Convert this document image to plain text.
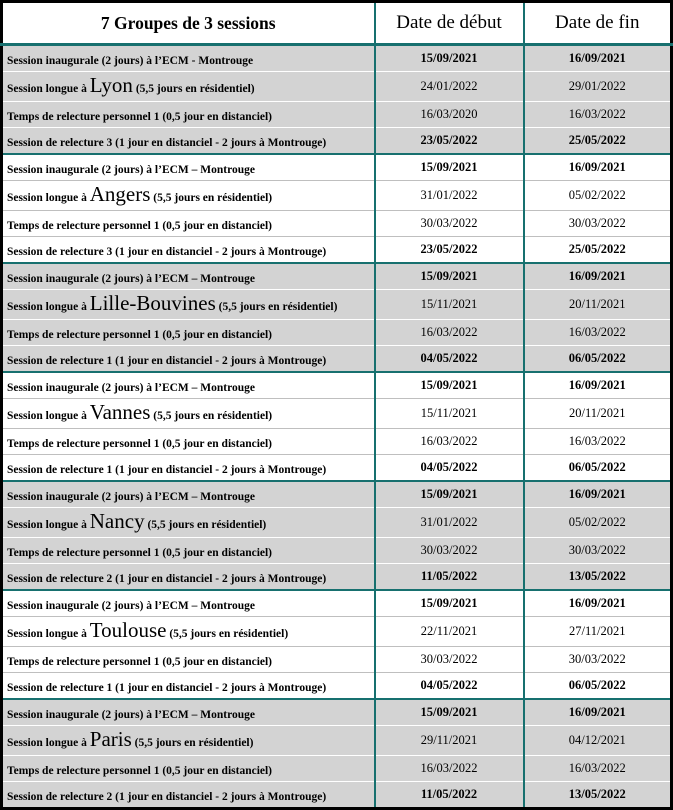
7 Groupes de 3 sessions	Date de début	Date de fin
Session inaugurale (2 jours) à l’ECM - Montrouge	15/09/2021	16/09/2021
Session longue à Lyon (5,5 jours en résidentiel)	24/01/2022	29/01/2022
Temps de relecture personnel 1 (0,5 jour en distanciel)	16/03/2020	16/03/2022
Session de relecture 3 (1 jour en distanciel - 2 jours à Montrouge)	23/05/2022	25/05/2022
Session inaugurale (2 jours) à l’ECM – Montrouge	15/09/2021	16/09/2021
Session longue à Angers (5,5 jours en résidentiel)	31/01/2022	05/02/2022
Temps de relecture personnel 1 (0,5 jour en distanciel)	30/03/2022	30/03/2022
Session de relecture 3 (1 jour en distanciel - 2 jours à Montrouge)	23/05/2022	25/05/2022
Session inaugurale (2 jours) à l’ECM – Montrouge	15/09/2021	16/09/2021
Session longue à Lille-Bouvines (5,5 jours en résidentiel)	15/11/2021	20/11/2021
Temps de relecture personnel 1 (0,5 jour en distanciel)	16/03/2022	16/03/2022
Session de relecture 1 (1 jour en distanciel - 2 jours à Montrouge)	04/05/2022	06/05/2022
Session inaugurale (2 jours) à l’ECM – Montrouge	15/09/2021	16/09/2021
Session longue à Vannes (5,5 jours en résidentiel)	15/11/2021	20/11/2021
Temps de relecture personnel 1 (0,5 jour en distanciel)	16/03/2022	16/03/2022
Session de relecture 1 (1 jour en distanciel - 2 jours à Montrouge)	04/05/2022	06/05/2022
Session inaugurale (2 jours) à l’ECM – Montrouge	15/09/2021	16/09/2021
Session longue à Nancy (5,5 jours en résidentiel)	31/01/2022	05/02/2022
Temps de relecture personnel 1 (0,5 jour en distanciel)	30/03/2022	30/03/2022
Session de relecture 2 (1 jour en distanciel - 2 jours à Montrouge)	11/05/2022	13/05/2022
Session inaugurale (2 jours) à l’ECM – Montrouge	15/09/2021	16/09/2021
Session longue à Toulouse (5,5 jours en résidentiel)	22/11/2021	27/11/2021
Temps de relecture personnel 1 (0,5 jour en distanciel)	30/03/2022	30/03/2022
Session de relecture 1 (1 jour en distanciel - 2 jours à Montrouge)	04/05/2022	06/05/2022
Session inaugurale (2 jours) à l’ECM – Montrouge	15/09/2021	16/09/2021
Session longue à Paris (5,5 jours en résidentiel)	29/11/2021	04/12/2021
Temps de relecture personnel 1 (0,5 jour en distanciel)	16/03/2022	16/03/2022
Session de relecture 2 (1 jour en distanciel - 2 jours à Montrouge)	11/05/2022	13/05/2022
